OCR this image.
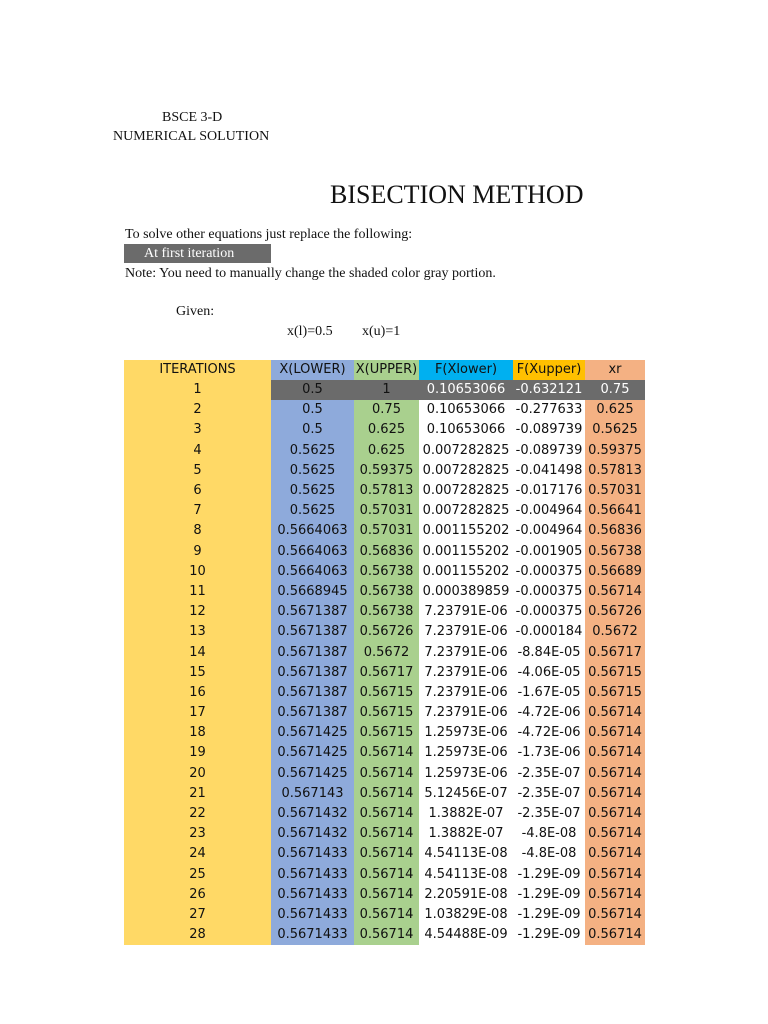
BSCE 3-D
NUMERICAL SOLUTION
BISECTION METHOD
To solve other equations just replace the following:
At first iteration
Note: You need to manually change the shaded color gray portion.
Given:
x(l)=0.5 x(u)=1
ITERATIONS	X(LOWER)	X(UPPER)	F(Xlower)	F(Xupper)	xr
1	0.5	1	0.10653066	-0.632121	0.75
2	0.5	0.75	0.10653066	-0.277633	0.625
3	0.5	0.625	0.10653066	-0.089739	0.5625
4	0.5625	0.625	0.007282825	-0.089739	0.59375
5	0.5625	0.59375	0.007282825	-0.041498	0.57813
6	0.5625	0.57813	0.007282825	-0.017176	0.57031
7	0.5625	0.57031	0.007282825	-0.004964	0.56641
8	0.5664063	0.57031	0.001155202	-0.004964	0.56836
9	0.5664063	0.56836	0.001155202	-0.001905	0.56738
10	0.5664063	0.56738	0.001155202	-0.000375	0.56689
11	0.5668945	0.56738	0.000389859	-0.000375	0.56714
12	0.5671387	0.56738	7.23791E-06	-0.000375	0.56726
13	0.5671387	0.56726	7.23791E-06	-0.000184	0.5672
14	0.5671387	0.5672	7.23791E-06	-8.84E-05	0.56717
15	0.5671387	0.56717	7.23791E-06	-4.06E-05	0.56715
16	0.5671387	0.56715	7.23791E-06	-1.67E-05	0.56715
17	0.5671387	0.56715	7.23791E-06	-4.72E-06	0.56714
18	0.5671425	0.56715	1.25973E-06	-4.72E-06	0.56714
19	0.5671425	0.56714	1.25973E-06	-1.73E-06	0.56714
20	0.5671425	0.56714	1.25973E-06	-2.35E-07	0.56714
21	0.567143	0.56714	5.12456E-07	-2.35E-07	0.56714
22	0.5671432	0.56714	1.3882E-07	-2.35E-07	0.56714
23	0.5671432	0.56714	1.3882E-07	-4.8E-08	0.56714
24	0.5671433	0.56714	4.54113E-08	-4.8E-08	0.56714
25	0.5671433	0.56714	4.54113E-08	-1.29E-09	0.56714
26	0.5671433	0.56714	2.20591E-08	-1.29E-09	0.56714
27	0.5671433	0.56714	1.03829E-08	-1.29E-09	0.56714
28	0.5671433	0.56714	4.54488E-09	-1.29E-09	0.56714
